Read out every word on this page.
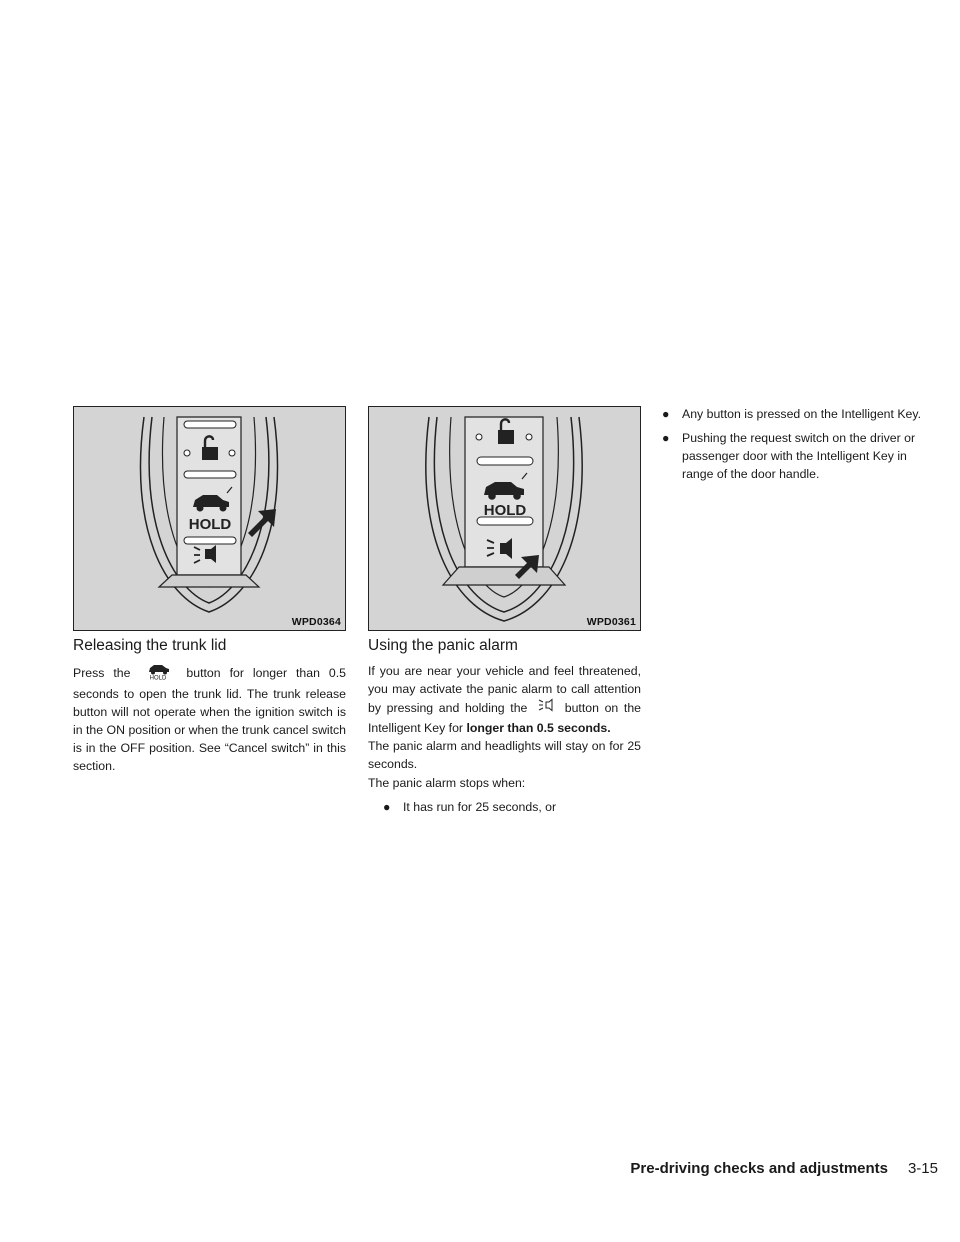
HOLD
WPD0364
Releasing the trunk lid

Press the	HOLD button for longer than 0.5 seconds to open the trunk lid. The trunk release button will not operate when the ignition switch is in the ON position or when the trunk cancel switch is in the OFF position. See “Cancel switch” in this section.

HOLD
WPD0361
Using the panic alarm

If you are near your vehicle and feel threatened, you may activate the panic alarm to call attention by pressing and holding the	button on the Intelligent Key for longer than 0.5 seconds.

The panic alarm and headlights will stay on for 25 seconds.

The panic alarm stops when:

●	It has run for 25 seconds, or
●	Any button is pressed on the Intelligent Key.
●	Pushing the request switch on the driver or passenger door with the Intelligent Key in range of the door handle.
Pre-driving checks and adjustments 3-15
